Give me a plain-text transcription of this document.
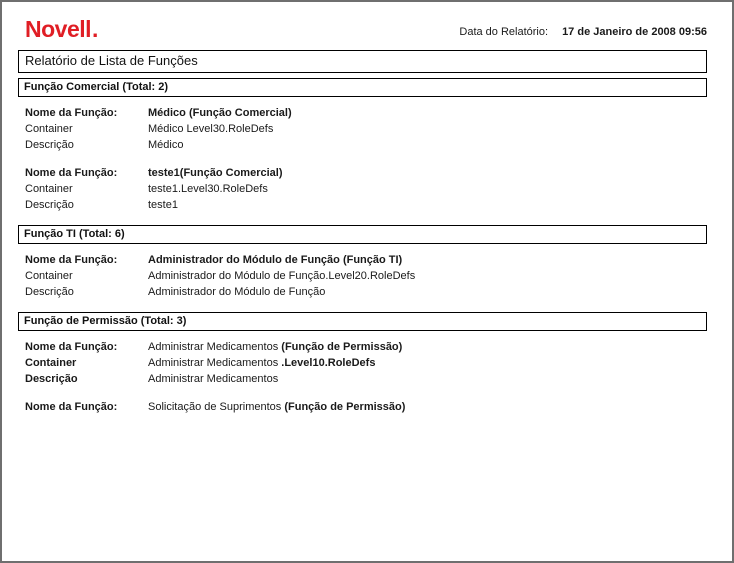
Novell.	Data do Relatório: 17 de Janeiro de 2008 09:56
Relatório de Lista de Funções
Função Comercial (Total: 2)
Nome da Função:	Médico (Função Comercial)
Container	Médico Level30.RoleDefs
Descrição	Médico
Nome da Função:	teste1(Função Comercial)
Container	teste1.Level30.RoleDefs
Descrição	teste1
Função TI (Total: 6)
Nome da Função:	Administrador do Módulo de Função (Função TI)
Container	Administrador do Módulo de Função.Level20.RoleDefs
Descrição	Administrador do Módulo de Função
Função de Permissão (Total: 3)
Nome da Função:	Administrar Medicamentos (Função de Permissão)
Container	Administrar Medicamentos .Level10.RoleDefs
Descrição	Administrar Medicamentos
Nome da Função:	Solicitação de Suprimentos (Função de Permissão)
